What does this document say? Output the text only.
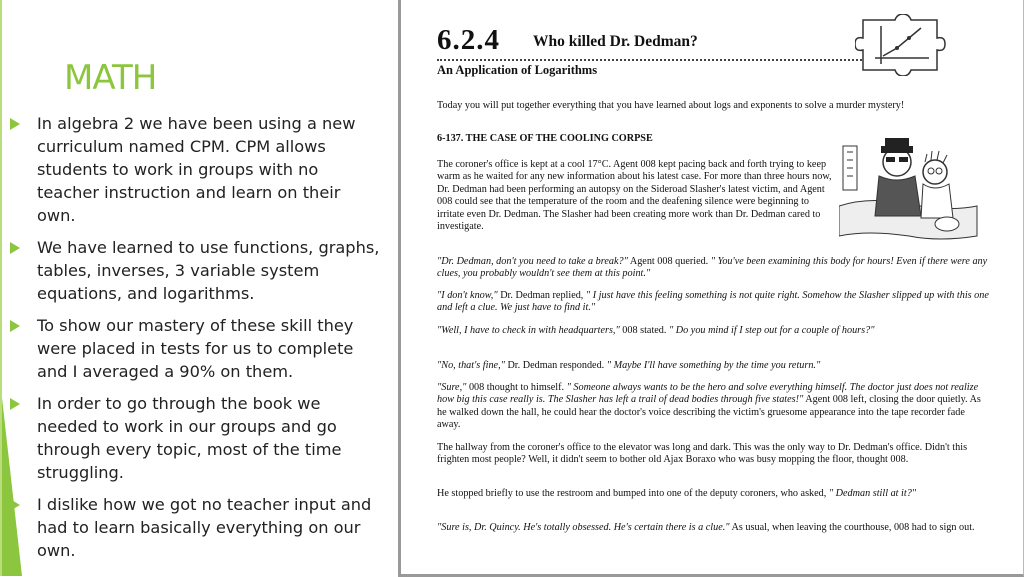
MATH
In algebra 2 we have been using a new curriculum named CPM. CPM allows students to work in groups with no teacher instruction and learn on their own.
We have learned to use functions, graphs, tables, inverses, 3 variable system equations, and logarithms.
To show our mastery of these skill they were placed in tests for us to complete and I averaged a 90% on them.
In order to go through the book we needed to work in our groups and go through every topic, most of the time struggling.
I dislike how we got no teacher input and had to learn basically everything on our own.
6.2.4 Who killed Dr. Dedman?
An Application of Logarithms

Today you will put together everything that you have learned about logs and exponents to solve a murder mystery!

6-137. THE CASE OF THE COOLING CORPSE

The coroner's office is kept at a cool 17°C. Agent 008 kept pacing back and forth trying to keep warm as he waited for any new information about his latest case. For more than three hours now, Dr. Dedman had been performing an autopsy on the Sideroad Slasher's latest victim, and Agent 008 could see that the temperature of the room and the deafening silence were beginning to irritate even Dr. Dedman. The Slasher had been creating more work than Dr. Dedman cared to investigate.

"Dr. Dedman, don't you need to take a break?" Agent 008 queried. " You've been examining this body for hours! Even if there were any clues, you probably wouldn't see them at this point."

"I don't know," Dr. Dedman replied, " I just have this feeling something is not quite right. Somehow the Slasher slipped up with this one and left a clue. We just have to find it."

"Well, I have to check in with headquarters," 008 stated. " Do you mind if I step out for a couple of hours?"

"No, that's fine," Dr. Dedman responded. " Maybe I'll have something by the time you return."

"Sure," 008 thought to himself. " Someone always wants to be the hero and solve everything himself. The doctor just does not realize how big this case really is. The Slasher has left a trail of dead bodies through five states!" Agent 008 left, closing the door quietly. As he walked down the hall, he could hear the doctor's voice describing the victim's gruesome appearance into the tape recorder fade away.

The hallway from the coroner's office to the elevator was long and dark. This was the only way to Dr. Dedman's office. Didn't this frighten most people? Well, it didn't seem to bother old Ajax Boraxo who was busy mopping the floor, thought 008.

He stopped briefly to use the restroom and bumped into one of the deputy coroners, who asked, " Dedman still at it?"

"Sure is, Dr. Quincy. He's totally obsessed. He's certain there is a clue." As usual, when leaving the courthouse, 008 had to sign out.
